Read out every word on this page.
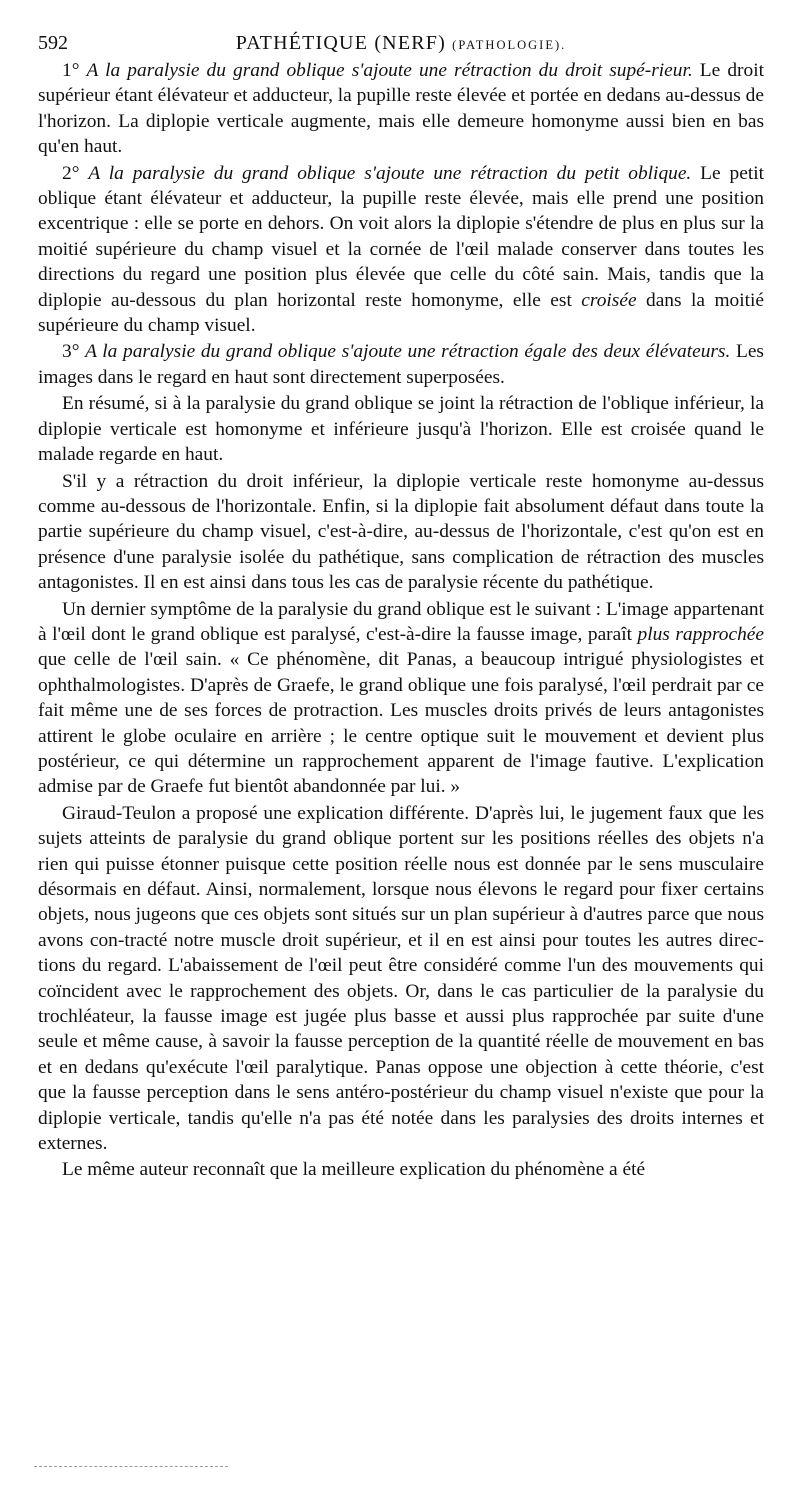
592	PATHÉTIQUE (NERF) (PATHOLOGIE).

1° A la paralysie du grand oblique s'ajoute une rétraction du droit supé-rieur. Le droit supérieur étant élévateur et adducteur, la pupille reste élevée et portée en dedans au-dessus de l'horizon. La diplopie verticale augmente, mais elle demeure homonyme aussi bien en bas qu'en haut.

2° A la paralysie du grand oblique s'ajoute une rétraction du petit oblique. Le petit oblique étant élévateur et adducteur, la pupille reste élevée, mais elle prend une position excentrique : elle se porte en dehors. On voit alors la diplopie s'étendre de plus en plus sur la moitié supérieure du champ visuel et la cornée de l'œil malade conserver dans toutes les directions du regard une position plus élevée que celle du côté sain. Mais, tandis que la diplopie au-dessous du plan horizontal reste homonyme, elle est croisée dans la moitié supérieure du champ visuel.

3° A la paralysie du grand oblique s'ajoute une rétraction égale des deux élévateurs. Les images dans le regard en haut sont directement superposées.

En résumé, si à la paralysie du grand oblique se joint la rétraction de l'oblique inférieur, la diplopie verticale est homonyme et inférieure jusqu'à l'horizon. Elle est croisée quand le malade regarde en haut.

S'il y a rétraction du droit inférieur, la diplopie verticale reste homonyme au-dessus comme au-dessous de l'horizontale. Enfin, si la diplopie fait absolument défaut dans toute la partie supérieure du champ visuel, c'est-à-dire, au-dessus de l'horizontale, c'est qu'on est en présence d'une paralysie isolée du pathétique, sans complication de rétraction des muscles antagonistes. Il en est ainsi dans tous les cas de paralysie récente du pathétique.

Un dernier symptôme de la paralysie du grand oblique est le suivant : L'image appartenant à l'œil dont le grand oblique est paralysé, c'est-à-dire la fausse image, paraît plus rapprochée que celle de l'œil sain. « Ce phénomène, dit Panas, a beaucoup intrigué physiologistes et ophthalmologistes. D'après de Graefe, le grand oblique une fois paralysé, l'œil perdrait par ce fait même une de ses forces de protraction. Les muscles droits privés de leurs antagonistes attirent le globe oculaire en arrière ; le centre optique suit le mouvement et devient plus postérieur, ce qui détermine un rapprochement apparent de l'image fautive. L'explication admise par de Graefe fut bientôt abandonnée par lui. »

Giraud-Teulon a proposé une explication différente. D'après lui, le jugement faux que les sujets atteints de paralysie du grand oblique portent sur les positions réelles des objets n'a rien qui puisse étonner puisque cette position réelle nous est donnée par le sens musculaire désormais en défaut. Ainsi, normalement, lorsque nous élevons le regard pour fixer certains objets, nous jugeons que ces objets sont situés sur un plan supérieur à d'autres parce que nous avons con-tracté notre muscle droit supérieur, et il en est ainsi pour toutes les autres direc-tions du regard. L'abaissement de l'œil peut être considéré comme l'un des mouvements qui coïncident avec le rapprochement des objets. Or, dans le cas particulier de la paralysie du trochléateur, la fausse image est jugée plus basse et aussi plus rapprochée par suite d'une seule et même cause, à savoir la fausse perception de la quantité réelle de mouvement en bas et en dedans qu'exécute l'œil paralytique. Panas oppose une objection à cette théorie, c'est que la fausse perception dans le sens antéro-postérieur du champ visuel n'existe que pour la diplopie verticale, tandis qu'elle n'a pas été notée dans les paralysies des droits internes et externes.

Le même auteur reconnaît que la meilleure explication du phénomène a été
